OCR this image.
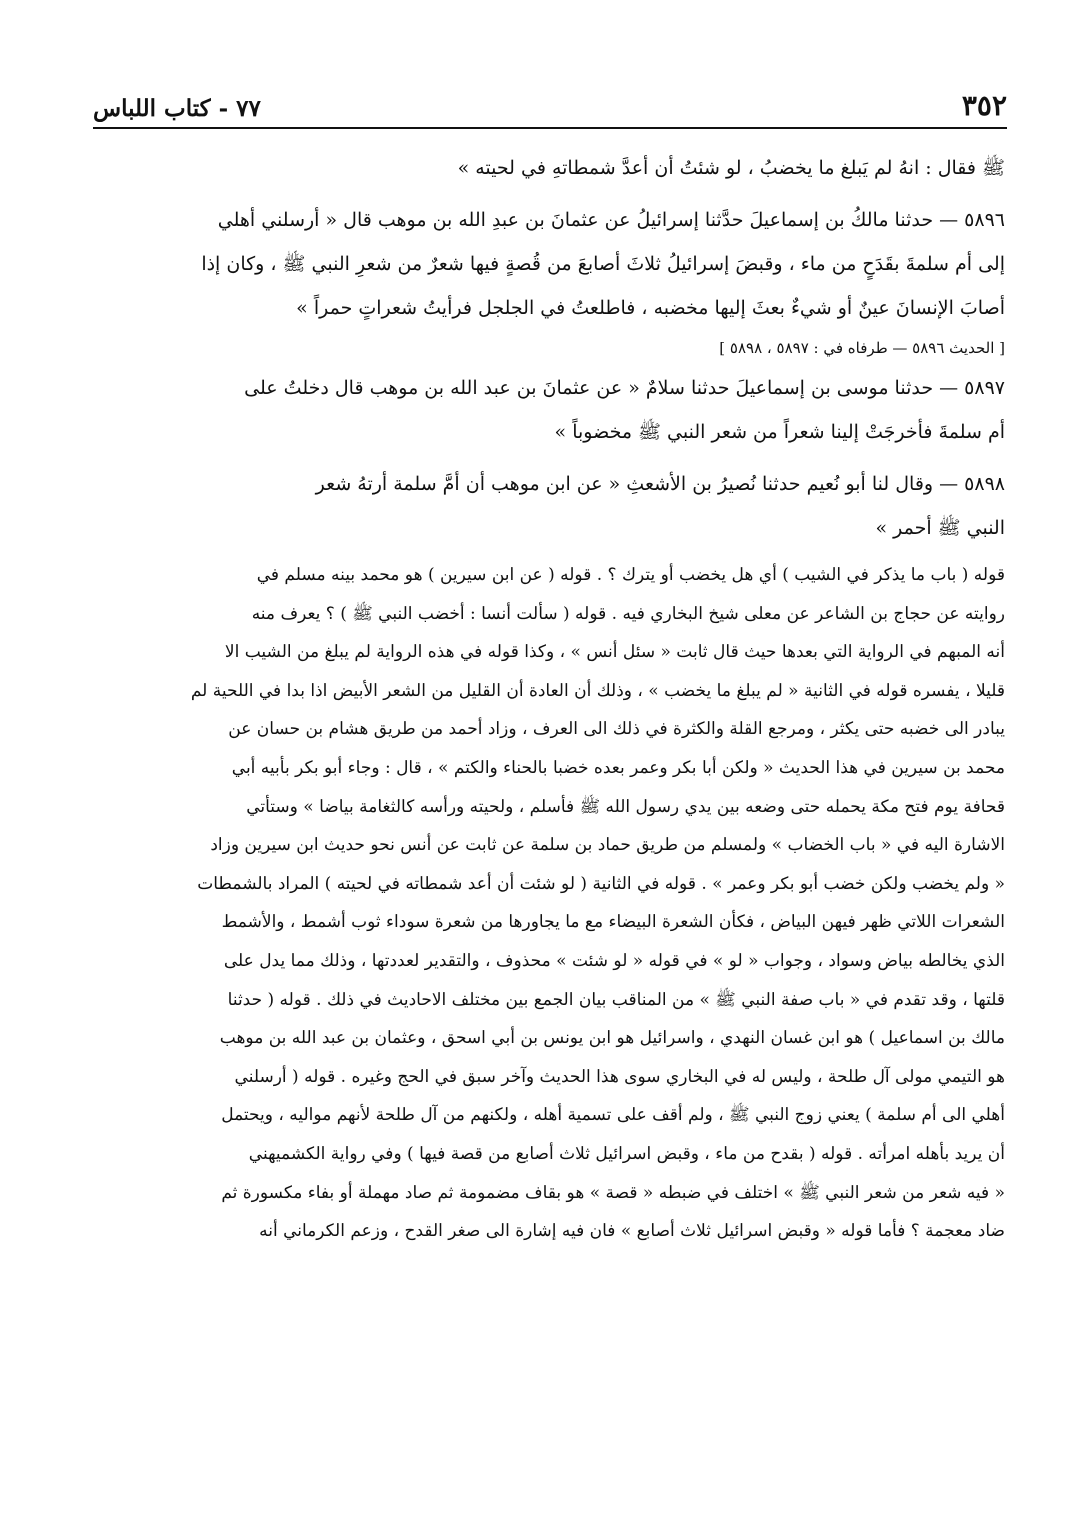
٧٧ - كتاب اللباس	٣٥٢

ﷺ فقال : انهُ لم يَبلغ ما يخضبُ ، لو شئتُ أن أعدَّ شمطاتهِ في لحيته »

٥٨٩٦ — حدثنا مالكُ بن إسماعيلَ حدَّثنا إسرائيلُ عن عثمانَ بن عبدِ الله بن موهب قال « أرسلني أهلي

إلى أم سلمةَ بقَدَحٍ من ماء ، وقبضَ إسرائيلُ ثلاثَ أصابعَ من قُصةٍ فيها شعرٌ من شعرِ النبي ﷺ ، وكان إذا

أصابَ الإنسانَ عينٌ أو شيءٌ بعثَ إليها مخضبه ، فاطلعتُ في الجلجل فرأيتُ شعراتٍ حمراً »

[ الحديث ٥٨٩٦ — طرفاه في : ٥٨٩٧ ، ٥٨٩٨ ]

٥٨٩٧ — حدثنا موسى بن إسماعيلَ حدثنا سلامٌ « عن عثمانَ بن عبد الله بن موهب قال دخلتُ على

أم سلمةَ فأخرجَتْ إلينا شعراً من شعر النبي ﷺ مخضوباً »

٥٨٩٨ — وقال لنا أبو نُعيم حدثنا نُصيرُ بن الأشعثِ « عن ابن موهب أن أمَّ سلمة أرتهُ شعر

النبي ﷺ أحمر »

قوله ( باب ما يذكر في الشيب ) أي هل يخضب أو يترك ؟ . قوله ( عن ابن سيرين ) هو محمد بينه مسلم في

روايته عن حجاج بن الشاعر عن معلى شيخ البخاري فيه . قوله ( سألت أنسا : أخضب النبي ﷺ ) ؟ يعرف منه

أنه المبهم في الرواية التي بعدها حيث قال ثابت « سئل أنس » ، وكذا قوله في هذه الرواية لم يبلغ من الشيب الا

قليلا ، يفسره قوله في الثانية « لم يبلغ ما يخضب » ، وذلك أن العادة أن القليل من الشعر الأبيض اذا بدا في اللحية لم

يبادر الى خضبه حتى يكثر ، ومرجع القلة والكثرة في ذلك الى العرف ، وزاد أحمد من طريق هشام بن حسان عن

محمد بن سيرين في هذا الحديث « ولكن أبا بكر وعمر بعده خضبا بالحناء والكتم » ، قال : وجاء أبو بكر بأبيه أبي

قحافة يوم فتح مكة يحمله حتى وضعه بين يدي رسول الله ﷺ فأسلم ، ولحيته ورأسه كالثغامة بياضا » وستأتي

الاشارة اليه في « باب الخضاب » ولمسلم من طريق حماد بن سلمة عن ثابت عن أنس نحو حديث ابن سيرين وزاد

« ولم يخضب ولكن خضب أبو بكر وعمر » . قوله في الثانية ( لو شئت أن أعد شمطاته في لحيته ) المراد بالشمطات

الشعرات اللاتي ظهر فيهن البياض ، فكأن الشعرة البيضاء مع ما يجاورها من شعرة سوداء ثوب أشمط ، والأشمط

الذي يخالطه بياض وسواد ، وجواب « لو » في قوله « لو شئت » محذوف ، والتقدير لعددتها ، وذلك مما يدل على

قلتها ، وقد تقدم في « باب صفة النبي ﷺ » من المناقب بيان الجمع بين مختلف الاحاديث في ذلك . قوله ( حدثنا

مالك بن اسماعيل ) هو ابن غسان النهدي ، واسرائيل هو ابن يونس بن أبي اسحق ، وعثمان بن عبد الله بن موهب

هو التيمي مولى آل طلحة ، وليس له في البخاري سوى هذا الحديث وآخر سبق في الحج وغيره . قوله ( أرسلني

أهلي الى أم سلمة ) يعني زوج النبي ﷺ ، ولم أقف على تسمية أهله ، ولكنهم من آل طلحة لأنهم مواليه ، ويحتمل

أن يريد بأهله امرأته . قوله ( بقدح من ماء ، وقبض اسرائيل ثلاث أصابع من قصة فيها ) وفي رواية الكشميهني

« فيه شعر من شعر النبي ﷺ » اختلف في ضبطه « قصة » هو بقاف مضمومة ثم صاد مهملة أو بفاء مكسورة ثم

ضاد معجمة ؟ فأما قوله « وقبض اسرائيل ثلاث أصابع » فان فيه إشارة الى صغر القدح ، وزعم الكرماني أنه
